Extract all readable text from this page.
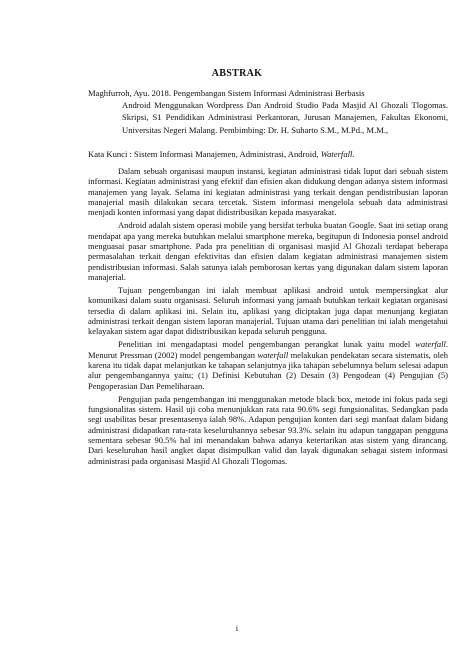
ABSTRAK
Maghfurroh, Ayu. 2018. Pengembangan Sistem Informasi Administrasi Berbasis
Android Menggunakan Wordpress Dan Android Studio Pada Masjid Al Ghozali Tlogomas. Skripsi, S1 Pendidikan Administrasi Perkantoran, Jurusan Manajemen, Fakultas Ekonomi, Universitas Negeri Malang. Pembimbing: Dr. H. Suharto S.M., M.Pd., M.M.,
Kata Kunci : Sistem Informasi Manajemen, Administrasi, Android, Waterfall.

Dalam sebuah organisasi maupun instansi, kegiatan administrasi tidak luput dari sebuah sistem informasi. Kegiatan administrasi yang efektif dan efisien akan didukung dengan adanya sistem informasi manajemen yang layak. Selama ini kegiatan administrasi yang terkait dengan pendistribusian laporan manajerial masih dilakukan secara tercetak. Sistem informasi mengelola sebuah data administrasi menjadi konten informasi yang dapat didistribusikan kepada masyarakat.

Android adalah sistem operasi mobile yang bersifat terbuka buatan Google. Saat ini setiap orang mendapat apa yang mereka butuhkan melalui smartphone mereka, begitupun di Indonesia ponsel android menguasai pasar smartphone. Pada pra penelitian di organisasi masjid Al Ghozali terdapat beberapa permasalahan terkait dengan efektivitas dan efisien dalam kegiatan administrasi manajemen sistem pendistribusian informasi. Salah satunya ialah pemborosan kertas yang digunakan dalam sistem laporan manajerial.

Tujuan pengembangan ini ialah membuat aplikasi android untuk mempersingkat alur komunikasi dalam suatu organisasi. Seluruh informasi yang jamaah butuhkan terkait kegiatan organisasi tersedia di dalam aplikasi ini. Selain itu, aplikasi yang diciptakan juga dapat menunjang kegiatan administrasi terkait dengan sistem laporan manajerial. Tujuan utama dari penelitian ini ialah mengetahui kelayakan sistem agar dapat didistribusikan kepada seluruh pengguna.

Penelitian ini mengadaptasi model pengembangan perangkat lunak yaitu model waterfall. Menurut Pressman (2002) model pengembangan waterfall melakukan pendekatan secara sistematis, oleh karena itu tidak dapat melanjutkan ke tahapan selanjutnya jika tahapan sebelumnya belum selesai adapun alur pengembangannya yaitu; (1) Definisi Kebutuhan (2) Desain (3) Pengodean (4) Pengujian (5) Pengoperasian Dan Pemeliharaan.

Pengujian pada pengembangan ini menggunakan metode black box, metode ini fokus pada segi fungsionalitas sistem. Hasil uji coba menunjukkan rata rata 90.6% segi fungsionalitas. Sedangkan pada segi usabilitas besar presentasenya ialah 98%. Adapun pengujian konten dari segi manfaat dalam bidang administrasi didapatkan rata-rata keseluruhannya sebesar 93.3%. selain itu adapun tanggapan pengguna sementara sebesar 90.5% hal ini menandakan bahwa adanya ketertarikan atas sistem yang dirancang. Dari keseluruhan hasil angket dapat disimpulkan valid dan layak digunakan sebagai sistem informasi administrasi pada organisasi Masjid Al Ghozali Tlogomas.

i
